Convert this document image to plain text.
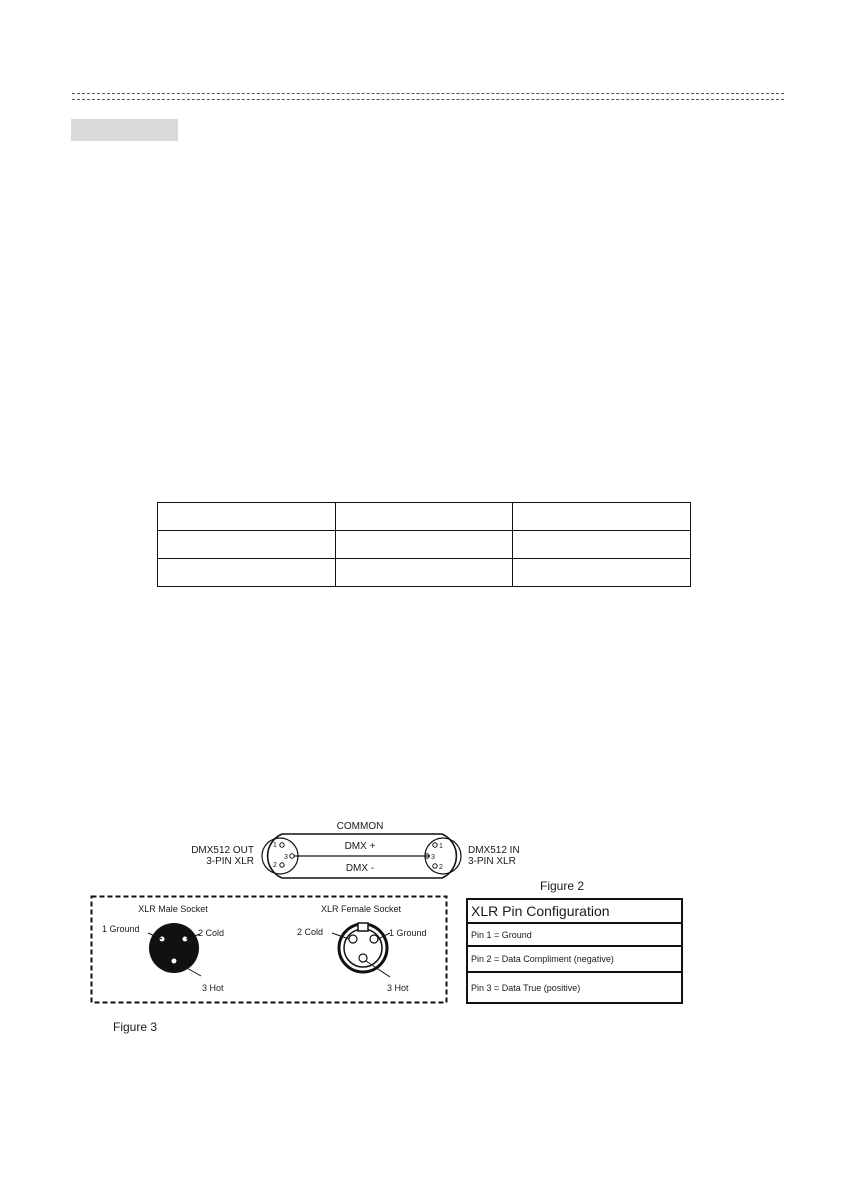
COMMON
DMX +
DMX -
1
3
2
1
3
2
DMX512 OUT
3-PIN XLR
DMX512 IN
3-PIN XLR
Figure 2
XLR Male Socket
1 Ground	2 Cold
3 Hot
XLR Female Socket
2 Cold	1 Ground
3 Hot
XLR Pin Configuration
Pin 1 = Ground
Pin 2 = Data Compliment (negative)
Pin 3 = Data True (positive)
Figure 3
